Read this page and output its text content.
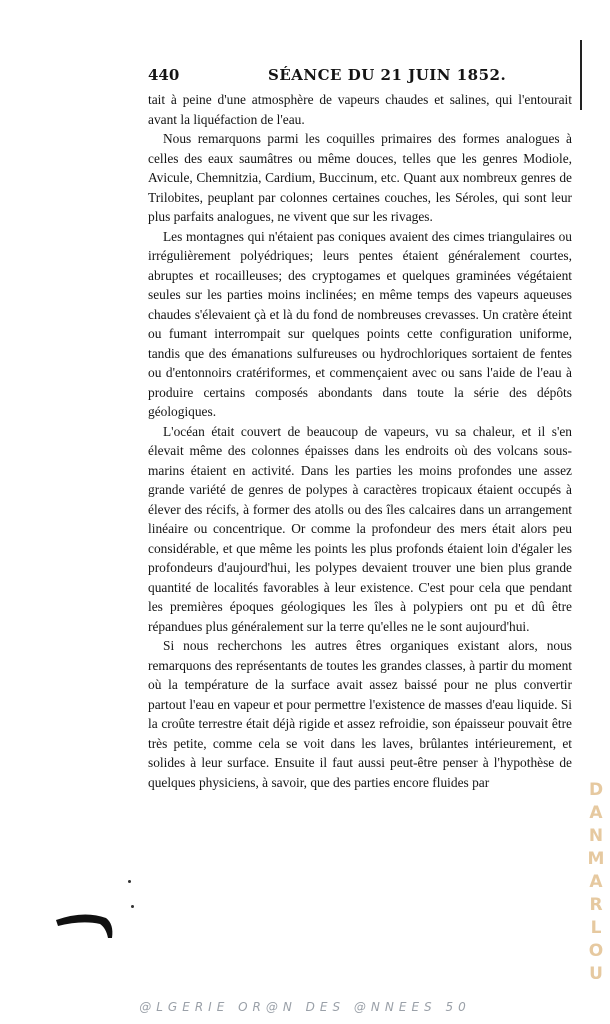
440	SÉANCE DU 21 JUIN 1852.

tait à peine d'une atmosphère de vapeurs chaudes et salines, qui l'entourait avant la liquéfaction de l'eau.

Nous remarquons parmi les coquilles primaires des formes analogues à celles des eaux saumâtres ou même douces, telles que les genres Modiole, Avicule, Chemnitzia, Cardium, Buccinum, etc. Quant aux nombreux genres de Trilobites, peuplant par colonnes certaines couches, les Séroles, qui sont leur plus parfaits analogues, ne vivent que sur les rivages.

Les montagnes qui n'étaient pas coniques avaient des cimes triangulaires ou irrégulièrement polyédriques; leurs pentes étaient généralement courtes, abruptes et rocailleuses; des cryptogames et quelques graminées végétaient seules sur les parties moins inclinées; en même temps des vapeurs aqueuses chaudes s'élevaient çà et là du fond de nombreuses crevasses. Un cratère éteint ou fumant interrompait sur quelques points cette configuration uniforme, tandis que des émanations sulfureuses ou hydrochloriques sortaient de fentes ou d'entonnoirs cratériformes, et commençaient avec ou sans l'aide de l'eau à produire certains composés abondants dans toute la série des dépôts géologiques.

L'océan était couvert de beaucoup de vapeurs, vu sa chaleur, et il s'en élevait même des colonnes épaisses dans les endroits où des volcans sous-marins étaient en activité. Dans les parties les moins profondes une assez grande variété de genres de polypes à caractères tropicaux étaient occupés à élever des récifs, à former des atolls ou des îles calcaires dans un arrangement linéaire ou concentrique. Or comme la profondeur des mers était alors peu considérable, et que même les points les plus profonds étaient loin d'égaler les profondeurs d'aujourd'hui, les polypes devaient trouver une bien plus grande quantité de localités favorables à leur existence. C'est pour cela que pendant les premières époques géologiques les îles à polypiers ont pu et dû être répandues plus généralement sur la terre qu'elles ne le sont aujourd'hui.

Si nous recherchons les autres êtres organiques existant alors, nous remarquons des représentants de toutes les grandes classes, à partir du moment où la température de la surface avait assez baissé pour ne plus convertir partout l'eau en vapeur et pour permettre l'existence de masses d'eau liquide. Si la croûte terrestre était déjà rigide et assez refroidie, son épaisseur pouvait être très petite, comme cela se voit dans les laves, brûlantes intérieurement, et solides à leur surface. Ensuite il faut aussi peut-être penser à l'hypothèse de quelques physiciens, à savoir, que des parties encore fluides par	DANMARLOU
@LGERIE OR@N DES @NNEES 50
